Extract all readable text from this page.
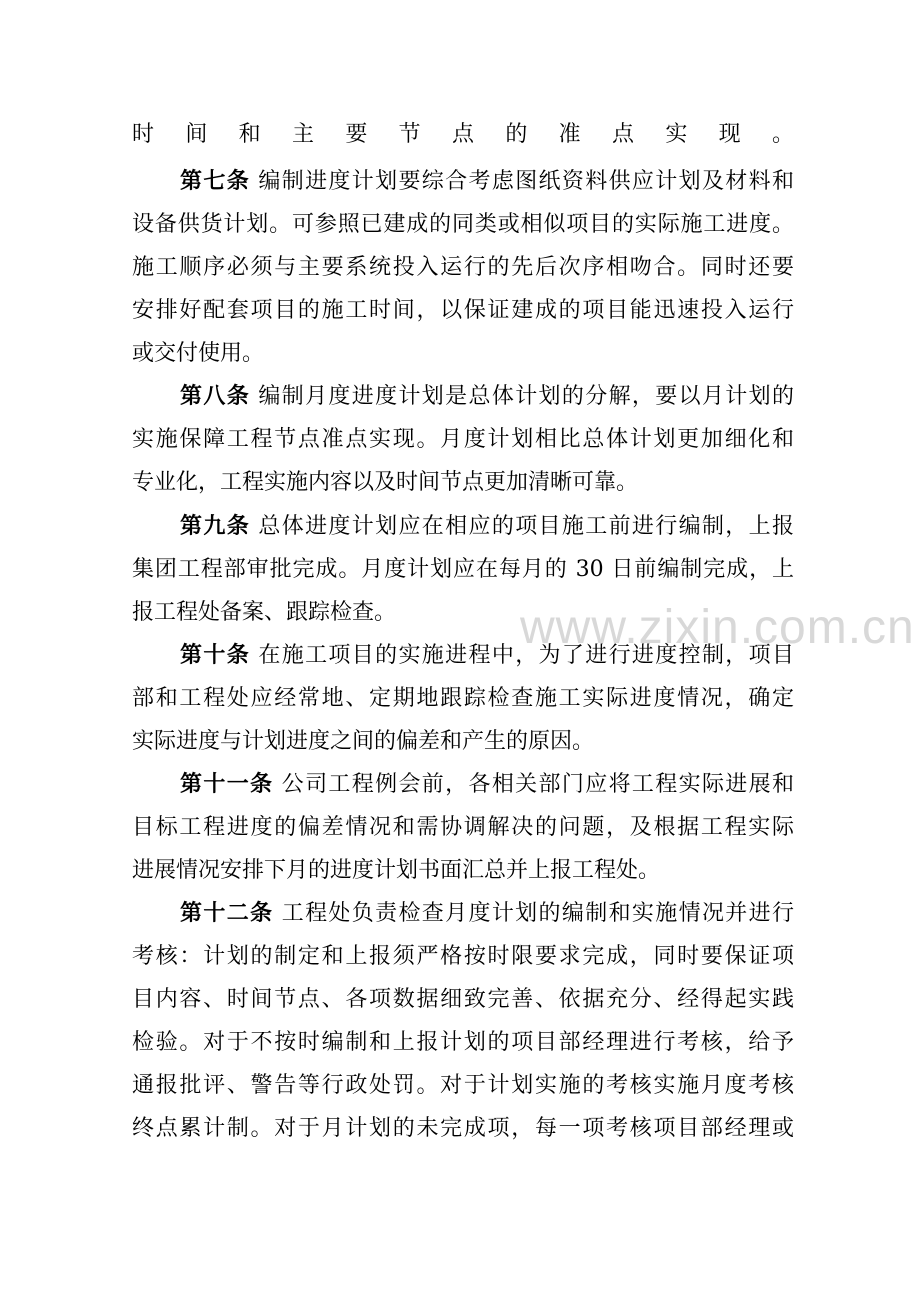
www.zixin.com.cn
时间和主要节点的准点实现。
第七条 编制进度计划要综合考虑图纸资料供应计划及材料和
设备供货计划。可参照已建成的同类或相似项目的实际施工进度。
施工顺序必须与主要系统投入运行的先后次序相吻合。同时还要
安排好配套项目的施工时间，以保证建成的项目能迅速投入运行
或交付使用。
第八条 编制月度进度计划是总体计划的分解，要以月计划的
实施保障工程节点准点实现。月度计划相比总体计划更加细化和
专业化，工程实施内容以及时间节点更加清晰可靠。
第九条 总体进度计划应在相应的项目施工前进行编制，上报
集团工程部审批完成。月度计划应在每月的 30 日前编制完成，上
报工程处备案、跟踪检查。
第十条 在施工项目的实施进程中，为了进行进度控制，项目
部和工程处应经常地、定期地跟踪检查施工实际进度情况，确定
实际进度与计划进度之间的偏差和产生的原因。
第十一条 公司工程例会前，各相关部门应将工程实际进展和
目标工程进度的偏差情况和需协调解决的问题，及根据工程实际
进展情况安排下月的进度计划书面汇总并上报工程处。
第十二条 工程处负责检查月度计划的编制和实施情况并进行
考核：计划的制定和上报须严格按时限要求完成，同时要保证项
目内容、时间节点、各项数据细致完善、依据充分、经得起实践
检验。对于不按时编制和上报计划的项目部经理进行考核，给予
通报批评、警告等行政处罚。对于计划实施的考核实施月度考核
终点累计制。对于月计划的未完成项，每一项考核项目部经理或
